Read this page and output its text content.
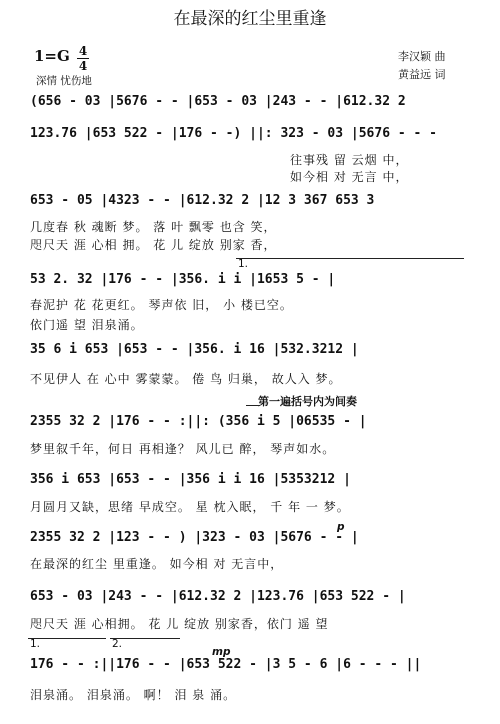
在最深的红尘里重逢
1=G 4
4
深情 忧伤地
李汉颖 曲
黄益远 词
(656 - 03 |5676 - - |653 - 03 |243 - - |612.32 2
123.76 |653 522 - |176 - -) ||: 323 - 03 |5676 - - -
往事残 留 云烟 中，
如今相 对 无言 中，
653 - 05 |4323 - - |612.32 2 |12 3 367 653 3
几度春 秋 魂断 梦。 落 叶 飘零 也含 笑，
咫尺天 涯 心相 拥。 花 儿 绽放 别家 香，
1.
53 2. 32 |176 - - |356. i i |1653 5 - |
春泥护 花 花更红。 琴声依 旧， 小 楼已空。
依门遥 望 泪泉涌。
35 6 i 653 |653 - - |356. i 16 |532.3212 |
不见伊人 在 心中 雾蒙蒙。 倦 鸟 归巢， 故人入 梦。
第一遍括号内为间奏
2355 32 2 |176 - - :||: (356 i 5 |06535 - |
梦里叙千年，何日 再相逢？ 风儿已 醉， 琴声如水。
356 i 653 |653 - - |356 i i 16 |5353212 |
月圆月又缺，思绪 早成空。 星 枕入眠， 千 年 一 梦。
2355 32 2 |123 - - ) |323 - 03 |5676 - - |
p
在最深的红尘 里重逢。 如今相 对 无言中，
653 - 03 |243 - - |612.32 2 |123.76 |653 522 - |
咫尺天 涯 心相拥。 花 儿 绽放 别家香，依门 遥 望
1.	2.
mp
176 - - :||176 - - |653 522 - |3 5 - 6 |6 - - - ||
泪泉涌。 泪泉涌。 啊！ 泪 泉 涌。
